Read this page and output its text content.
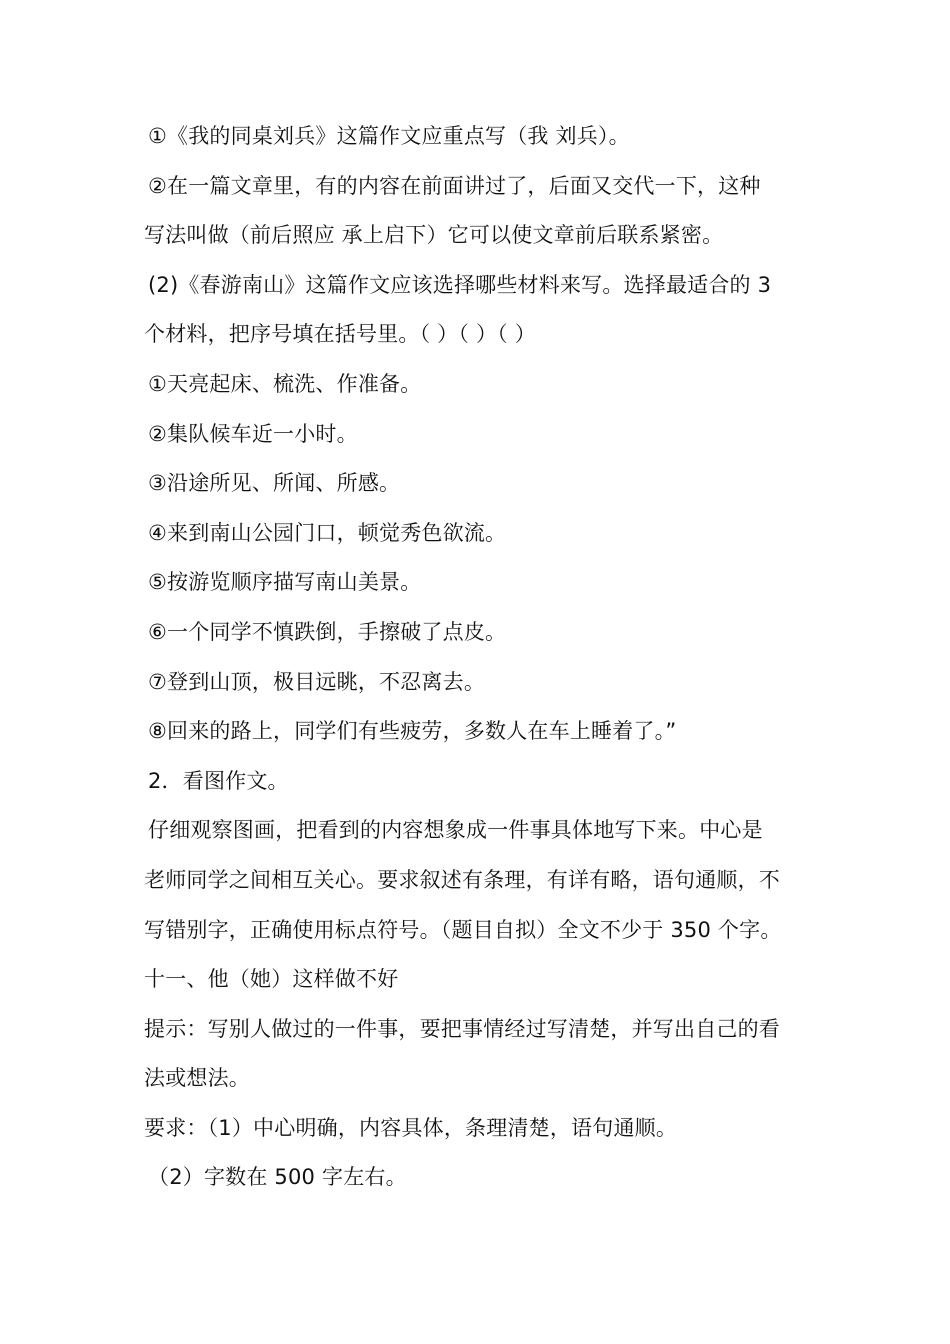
①《我的同桌刘兵》这篇作文应重点写（我 刘兵）。
②在一篇文章里，有的内容在前面讲过了，后面又交代一下，这种
写法叫做（前后照应 承上启下）它可以使文章前后联系紧密。
(2)《春游南山》这篇作文应该选择哪些材料来写。选择最适合的 3
个材料，把序号填在括号里。（ ）（ ）（ ）
①天亮起床、梳洗、作准备。
②集队候车近一小时。
③沿途所见、所闻、所感。
④来到南山公园门口，顿觉秀色欲流。
⑤按游览顺序描写南山美景。
⑥一个同学不慎跌倒，手擦破了点皮。
⑦登到山顶，极目远眺，不忍离去。
⑧回来的路上，同学们有些疲劳，多数人在车上睡着了。”
2．看图作文。
仔细观察图画，把看到的内容想象成一件事具体地写下来。中心是
老师同学之间相互关心。要求叙述有条理，有详有略，语句通顺，不
写错别字，正确使用标点符号。（题目自拟）全文不少于 350 个字。
十一、他（她）这样做不好
提示：写别人做过的一件事，要把事情经过写清楚，并写出自己的看
法或想法。
要求：（1）中心明确，内容具体，条理清楚，语句通顺。
（2）字数在 500 字左右。
